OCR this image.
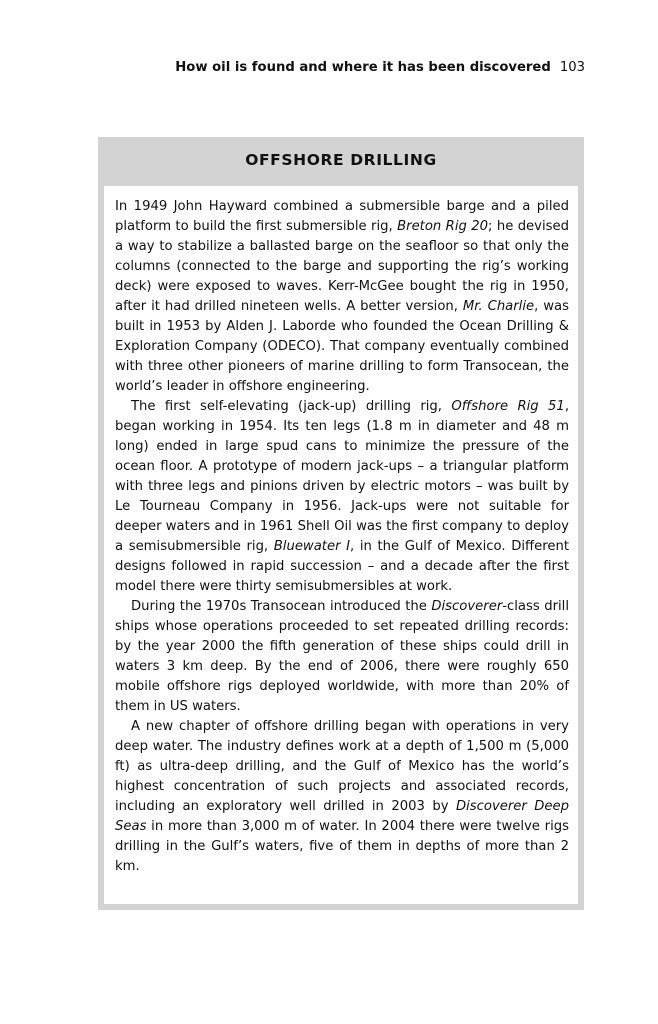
How oil is found and where it has been discovered 103
OFFSHORE DRILLING

In 1949 John Hayward combined a submersible barge and a piled platform to build the first submersible rig, Breton Rig 20; he devised a way to stabilize a ballasted barge on the seafloor so that only the columns (connected to the barge and supporting the rig’s working deck) were exposed to waves. Kerr-McGee bought the rig in 1950, after it had drilled nineteen wells. A better version, Mr. Charlie, was built in 1953 by Alden J. Laborde who founded the Ocean Drilling & Exploration Company (ODECO). That company eventually combined with three other pioneers of marine drilling to form Transocean, the world’s leader in offshore engineering.

The first self-elevating (jack-up) drilling rig, Offshore Rig 51, began working in 1954. Its ten legs (1.8 m in diameter and 48 m long) ended in large spud cans to minimize the pressure of the ocean floor. A prototype of modern jack-ups – a triangular platform with three legs and pinions driven by electric motors – was built by Le Tourneau Company in 1956. Jack-ups were not suitable for deeper waters and in 1961 Shell Oil was the first company to deploy a semisubmersible rig, Bluewater I, in the Gulf of Mexico. Different designs followed in rapid succession – and a decade after the first model there were thirty semisubmersibles at work.

During the 1970s Transocean introduced the Discoverer-class drill ships whose operations proceeded to set repeated drilling records: by the year 2000 the fifth generation of these ships could drill in waters 3 km deep. By the end of 2006, there were roughly 650 mobile offshore rigs deployed worldwide, with more than 20% of them in US waters.

A new chapter of offshore drilling began with operations in very deep water. The industry defines work at a depth of 1,500 m (5,000 ft) as ultra-deep drilling, and the Gulf of Mexico has the world’s highest concentration of such projects and associated records, including an exploratory well drilled in 2003 by Discoverer Deep Seas in more than 3,000 m of water. In 2004 there were twelve rigs drilling in the Gulf’s waters, five of them in depths of more than 2 km.
